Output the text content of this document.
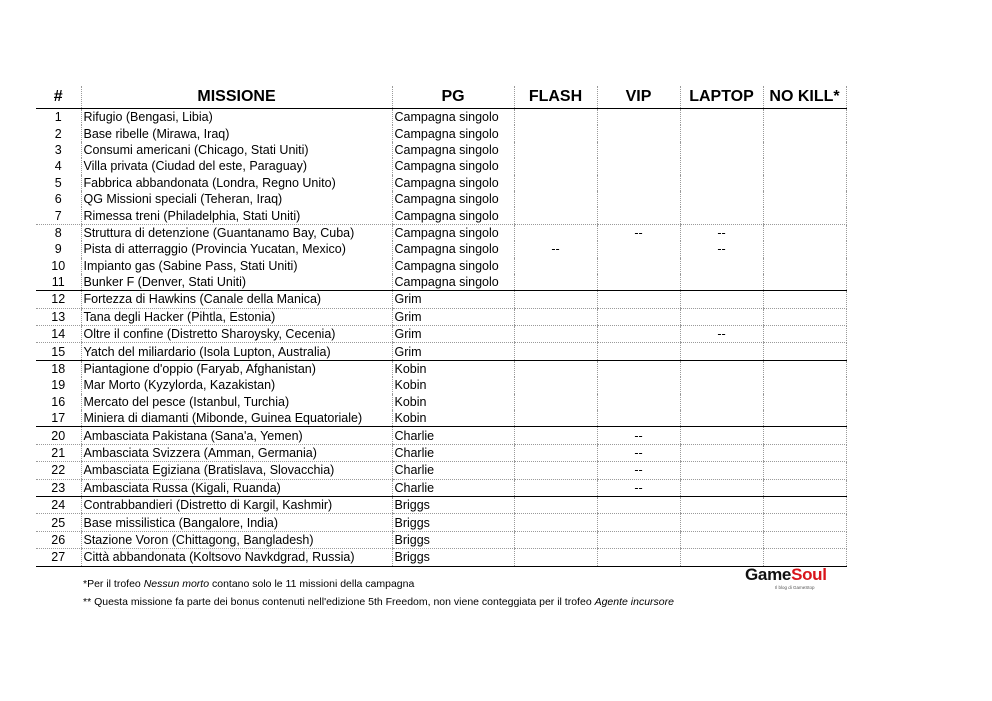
#	MISSIONE	PG	FLASH	VIP	LAPTOP	NO KILL*
1	Rifugio (Bengasi, Libia)	Campagna singolo				
2	Base ribelle (Mirawa, Iraq)	Campagna singolo				
3	Consumi americani (Chicago, Stati Uniti)	Campagna singolo				
4	Villa privata (Ciudad del este, Paraguay)	Campagna singolo				
5	Fabbrica abbandonata (Londra, Regno Unito)	Campagna singolo				
6	QG Missioni speciali (Teheran, Iraq)	Campagna singolo				
7	Rimessa treni (Philadelphia, Stati Uniti)	Campagna singolo				
8	Struttura di detenzione (Guantanamo Bay, Cuba)	Campagna singolo		--	--	
9	Pista di atterraggio (Provincia Yucatan, Mexico)	Campagna singolo	--		--	
10	Impianto gas (Sabine Pass, Stati Uniti)	Campagna singolo				
11	Bunker F (Denver, Stati Uniti)	Campagna singolo				
12	Fortezza di Hawkins (Canale della Manica)	Grim				
13	Tana degli Hacker (Pihtla, Estonia)	Grim				
14	Oltre il confine (Distretto Sharoysky, Cecenia)	Grim			--	
15	Yatch del miliardario (Isola Lupton, Australia)	Grim				
18	Piantagione d'oppio (Faryab, Afghanistan)	Kobin				
19	Mar Morto (Kyzylorda, Kazakistan)	Kobin				
16	Mercato del pesce (Istanbul, Turchia)	Kobin				
17	Miniera di diamanti (Mibonde, Guinea Equatoriale)	Kobin				
20	Ambasciata Pakistana (Sana'a, Yemen)	Charlie		--		
21	Ambasciata Svizzera (Amman, Germania)	Charlie		--		
22	Ambasciata Egiziana (Bratislava, Slovacchia)	Charlie		--		
23	Ambasciata Russa (Kigali, Ruanda)	Charlie		--		
24	Contrabbandieri (Distretto di Kargil, Kashmir)	Briggs				
25	Base missilistica (Bangalore, India)	Briggs				
26	Stazione Voron (Chittagong, Bangladesh)	Briggs				
27	Città abbandonata (Koltsovo Navkdgrad, Russia)	Briggs				
*Per il trofeo Nessun morto contano solo le 11 missioni della campagna
** Questa missione fa parte dei bonus contenuti nell'edizione 5th Freedom, non viene conteggiata per il trofeo Agente incursore
GameSoul
Il blog di GameStop
